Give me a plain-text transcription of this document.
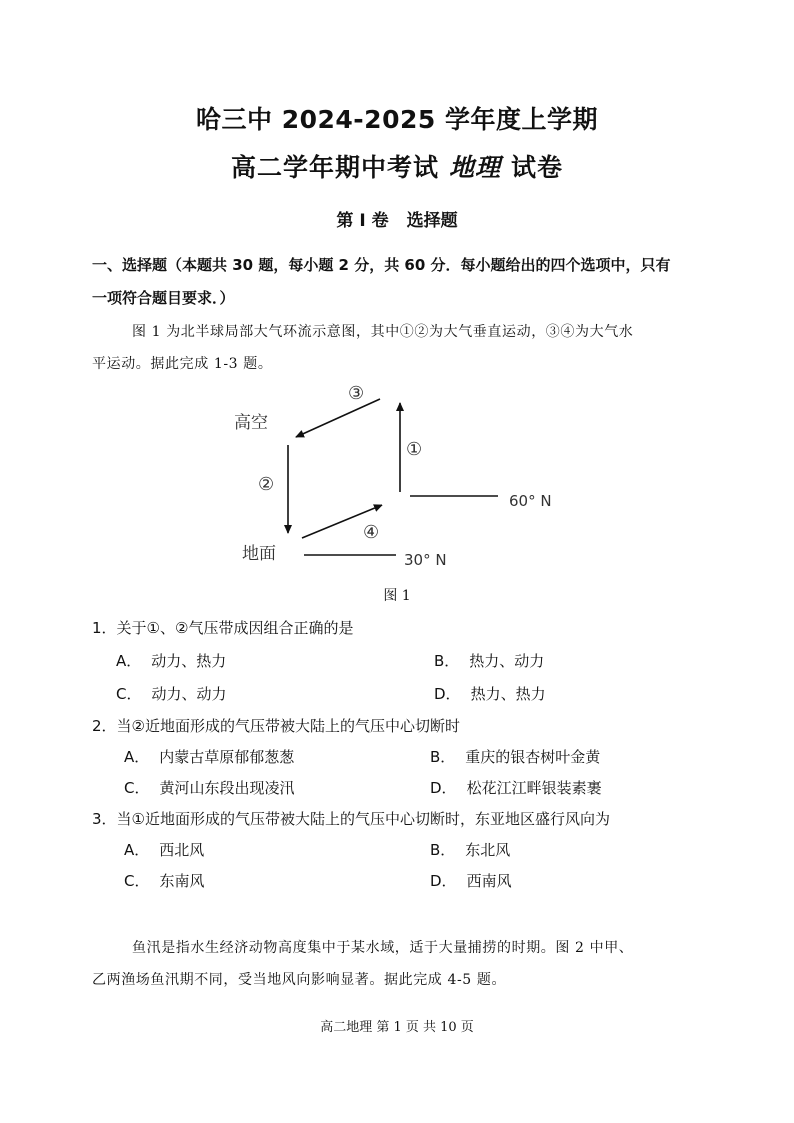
哈三中 2024-2025 学年度上学期
高二学年期中考试 地理 试卷
第 I 卷 选择题
一、选择题（本题共 30 题，每小题 2 分，共 60 分．每小题给出的四个选项中，只有
一项符合题目要求．）
图 1 为北半球局部大气环流示意图，其中①②为大气垂直运动，③④为大气水
平运动。据此完成 1-3 题。
高空
地面
①
②
③
④
60° N
30° N
图 1
1．关于①、②气压带成因组合正确的是
A． 动力、热力	B． 热力、动力
C． 动力、动力	D． 热力、热力
2．当②近地面形成的气压带被大陆上的气压中心切断时
A． 内蒙古草原郁郁葱葱	B． 重庆的银杏树叶金黄
C． 黄河山东段出现凌汛	D． 松花江江畔银装素裹
3．当①近地面形成的气压带被大陆上的气压中心切断时，东亚地区盛行风向为
A． 西北风	B． 东北风
C． 东南风	D． 西南风
鱼汛是指水生经济动物高度集中于某水域，适于大量捕捞的时期。图 2 中甲、
乙两渔场鱼汛期不同，受当地风向影响显著。据此完成 4-5 题。
高二地理 第 1 页 共 10 页
